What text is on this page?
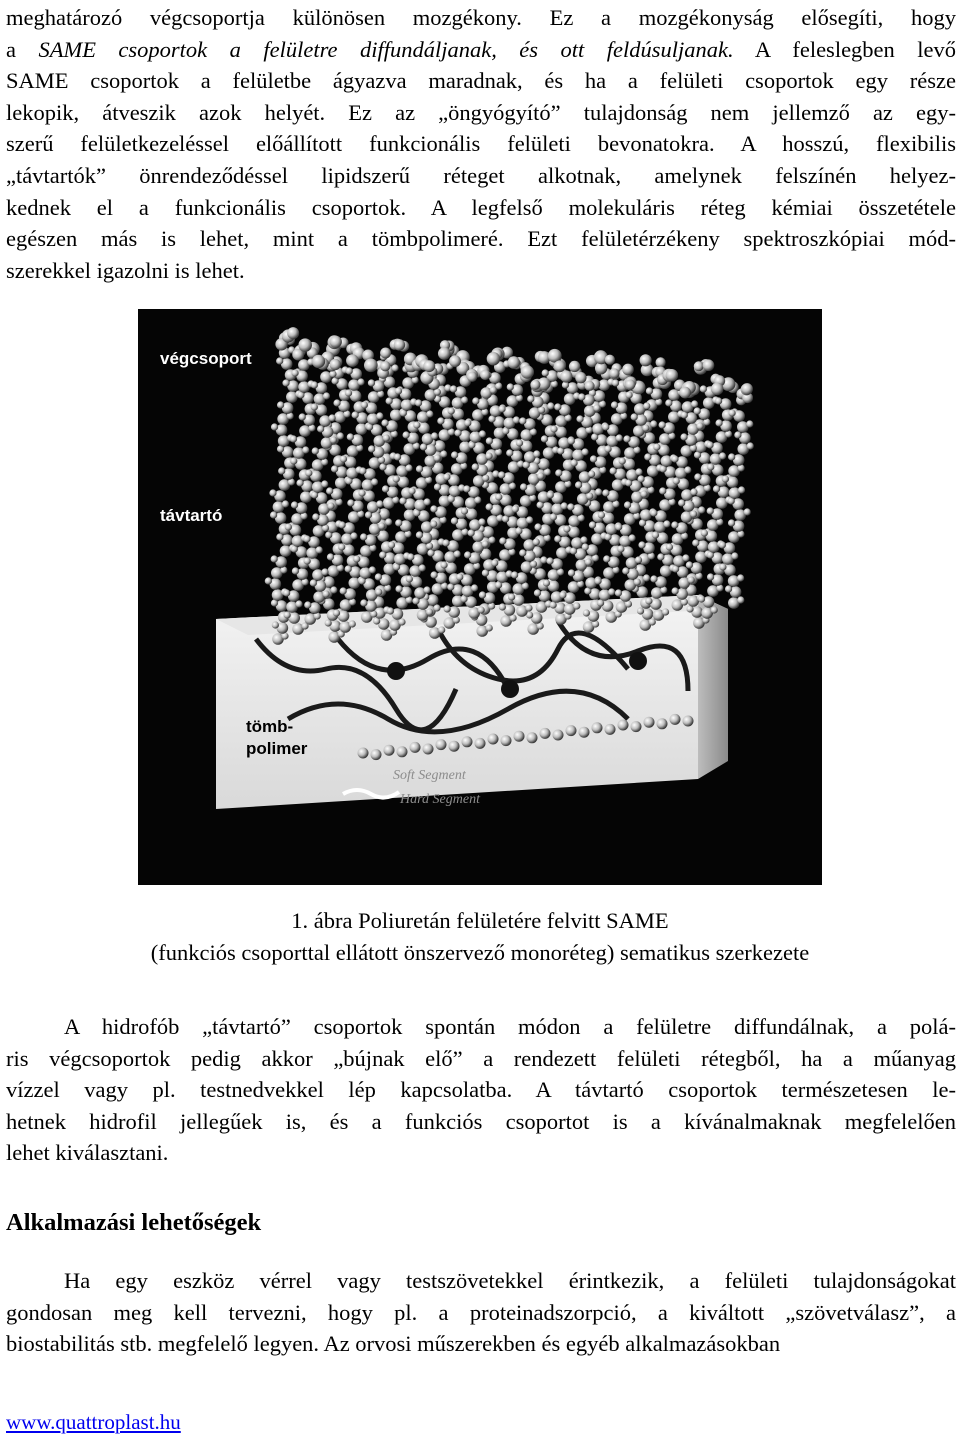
meghatározó végcsoportja különösen mozgékony. Ez a mozgékonyság elősegíti, hogy
a SAME csoportok a felületre diffundáljanak, és ott feldúsuljanak. A feleslegben levő
SAME csoportok a felületbe ágyazva maradnak, és ha a felületi csoportok egy része
lekopik, átveszik azok helyét. Ez az „öngyógyító” tulajdonság nem jellemző az egy-
szerű felületkezeléssel előállított funkcionális felületi bevonatokra. A hosszú, flexibilis
„távtartók” önrendeződéssel lipidszerű réteget alkotnak, amelynek felszínén helyez-
kednek el a funkcionális csoportok. A legfelső molekuláris réteg kémiai összetétele
egészen más is lehet, mint a tömbpolimeré. Ezt felületérzékeny spektroszkópiai mód-
szerekkel igazolni is lehet.
Soft Segment
Hard Segment
végcsoport
távtartó
tömb-
polimer

1. ábra Poliuretán felületére felvitt SAME

(funkciós csoporttal ellátott önszervező monoréteg) sematikus szerkezete

A hidrofób „távtartó” csoportok spontán módon a felületre diffundálnak, a polá-
ris végcsoportok pedig akkor „bújnak elő” a rendezett felületi rétegből, ha a műanyag
vízzel vagy pl. testnedvekkel lép kapcsolatba. A távtartó csoportok természetesen le-
hetnek hidrofil jellegűek is, és a funkciós csoportot is a kívánalmaknak megfelelően
lehet kiválasztani.
Alkalmazási lehetőségek
Ha egy eszköz vérrel vagy testszövetekkel érintkezik, a felületi tulajdonságokat
gondosan meg kell tervezni, hogy pl. a proteinadszorpció, a kiváltott „szövetválasz”, a
biostabilitás stb. megfelelő legyen. Az orvosi műszerekben és egyéb alkalmazásokban
www.quattroplast.hu
